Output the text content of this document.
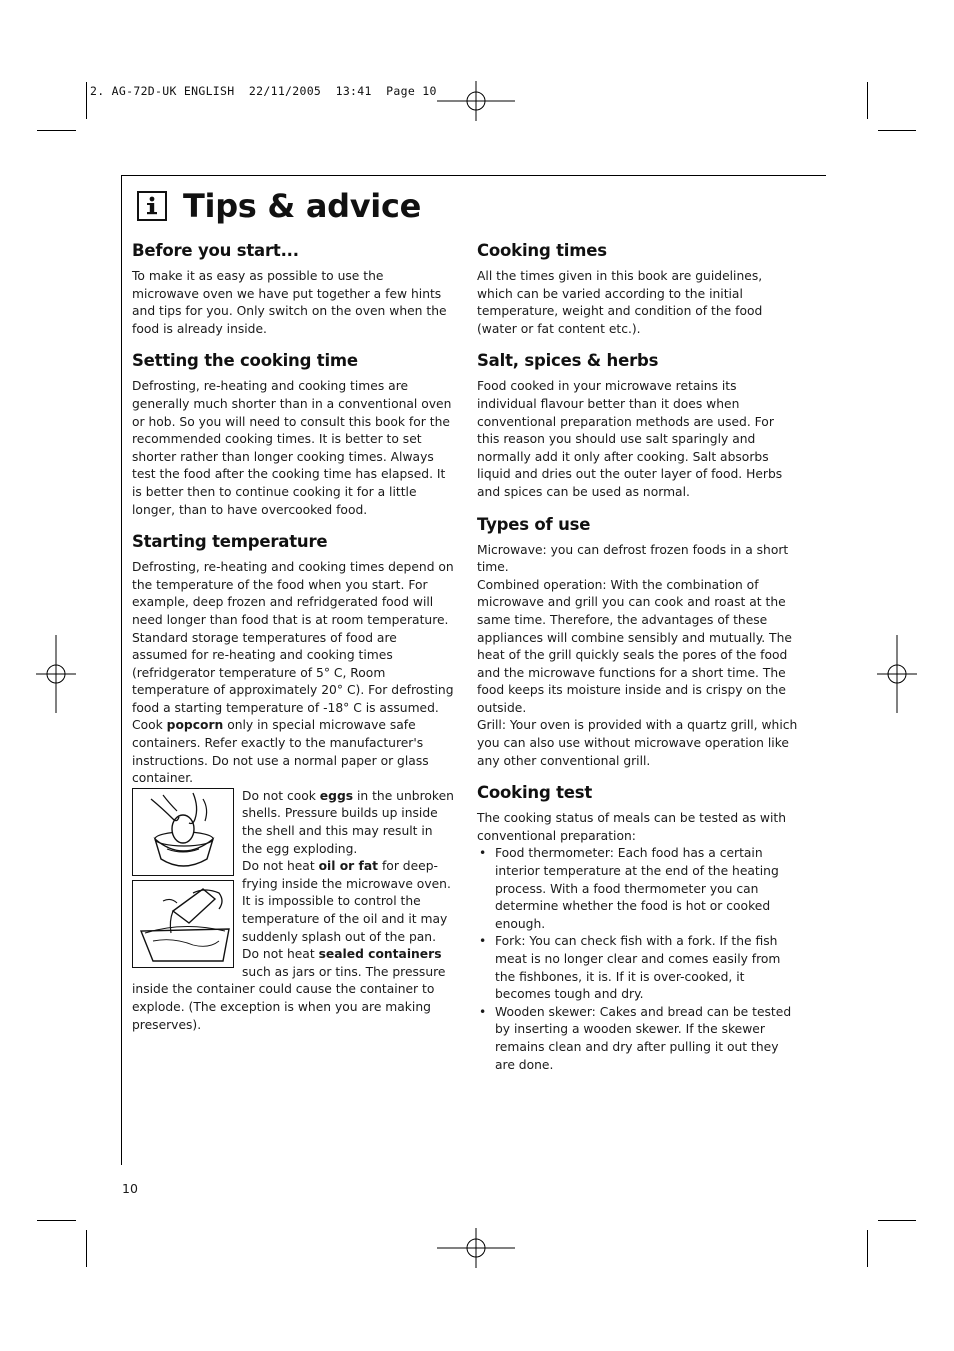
2. AG-72D-UK ENGLISH  22/11/2005  13:41  Page 10
Tips & advice
Before you start...

To make it as easy as possible to use the microwave oven we have put together a few hints and tips for you. Only switch on the oven when the food is already inside.

Setting the cooking time

Defrosting, re-heating and cooking times are generally much shorter than in a conventional oven or hob. So you will need to consult this book for the recommended cooking times. It is better to set shorter rather than longer cooking times. Always test the food after the cooking time has elapsed. It is better then to continue cooking it for a little longer, than to have overcooked food.

Starting temperature

Defrosting, re-heating and cooking times depend on the temperature of the food when you start. For example, deep frozen and refridgerated food will need longer than food that is at room temperature. Standard storage temperatures of food are assumed for re-heating and cooking times (refridgerator temperature of 5° C, Room temperature of approximately 20° C). For defrosting food a starting temperature of -18° C is assumed.

Cook popcorn only in special microwave safe containers. Refer exactly to the manufacturer's instructions. Do not use a normal paper or glass container.

Do not cook eggs in the unbroken shells. Pressure builds up inside the shell and this may result in the egg exploding.

Do not heat oil or fat for deep-frying inside the microwave oven. It is impossible to control the temperature of the oil and it may suddenly splash out of the pan.

Do not heat sealed containers such as jars or tins. The pressure inside the container could cause the container to explode. (The exception is when you are making preserves).

Cooking times

All the times given in this book are guidelines, which can be varied according to the initial temperature, weight and condition of the food (water or fat content etc.).

Salt, spices & herbs

Food cooked in your microwave retains its individual flavour better than it does when conventional preparation methods are used. For this reason you should use salt sparingly and normally add it only after cooking. Salt absorbs liquid and dries out the outer layer of food. Herbs and spices can be used as normal.

Types of use

Microwave: you can defrost frozen foods in a short time.

Combined operation: With the combination of microwave and grill you can cook and roast at the same time. Therefore, the advantages of these appliances will combine sensibly and mutually. The heat of the grill quickly seals the pores of the food and the microwave functions for a short time. The food keeps its moisture inside and is crispy on the outside.

Grill: Your oven is provided with a quartz grill, which you can also use without microwave operation like any other conventional grill.

Cooking test

The cooking status of meals can be tested as with conventional preparation:

• Food thermometer: Each food has a certain interior temperature at the end of the heating process. With a food thermometer you can determine whether the food is hot or cooked enough.
• Fork: You can check fish with a fork. If the fish meat is no longer clear and comes easily from the fishbones, it is. If it is over-cooked, it becomes tough and dry.
• Wooden skewer: Cakes and bread can be tested by inserting a wooden skewer. If the skewer remains clean and dry after pulling it out they are done.
10
